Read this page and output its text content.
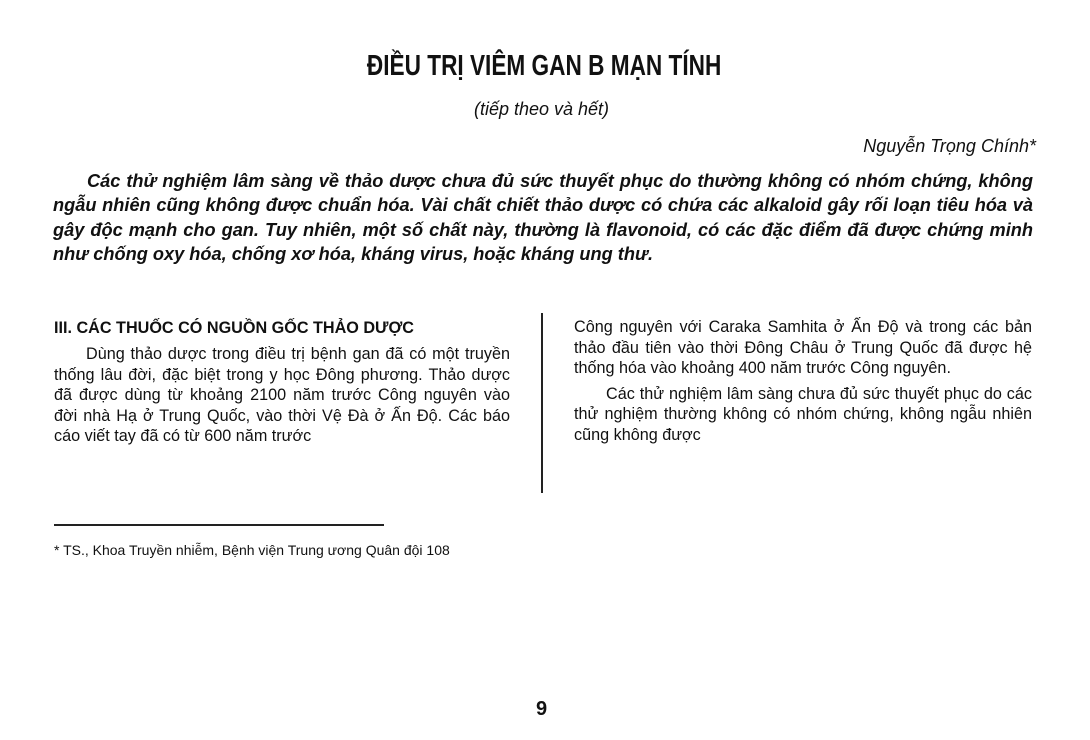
ĐIỀU TRỊ VIÊM GAN B MẠN TÍNH
(tiếp theo và hết)
Nguyễn Trọng Chính*

Các thử nghiệm lâm sàng về thảo dược chưa đủ sức thuyết phục do thường không có nhóm chứng, không ngẫu nhiên cũng không được chuẩn hóa. Vài chất chiết thảo dược có chứa các alkaloid gây rối loạn tiêu hóa và gây độc mạnh cho gan. Tuy nhiên, một số chất này, thường là flavonoid, có các đặc điểm đã được chứng minh như chống oxy hóa, chống xơ hóa, kháng virus, hoặc kháng ung thư.

III. CÁC THUỐC CÓ NGUỒN GỐC THẢO DƯỢC

Dùng thảo dược trong điều trị bệnh gan đã có một truyền thống lâu đời, đặc biệt trong y học Đông phương. Thảo dược đã được dùng từ khoảng 2100 năm trước Công nguyên vào đời nhà Hạ ở Trung Quốc, vào thời Vệ Đà ở Ấn Độ. Các báo cáo viết tay đã có từ 600 năm trước

Công nguyên với Caraka Samhita ở Ấn Độ và trong các bản thảo đầu tiên vào thời Đông Châu ở Trung Quốc đã được hệ thống hóa vào khoảng 400 năm trước Công nguyên.

Các thử nghiệm lâm sàng chưa đủ sức thuyết phục do các thử nghiệm thường không có nhóm chứng, không ngẫu nhiên cũng không được

* TS., Khoa Truyền nhiễm, Bệnh viện Trung ương Quân đội 108
9
